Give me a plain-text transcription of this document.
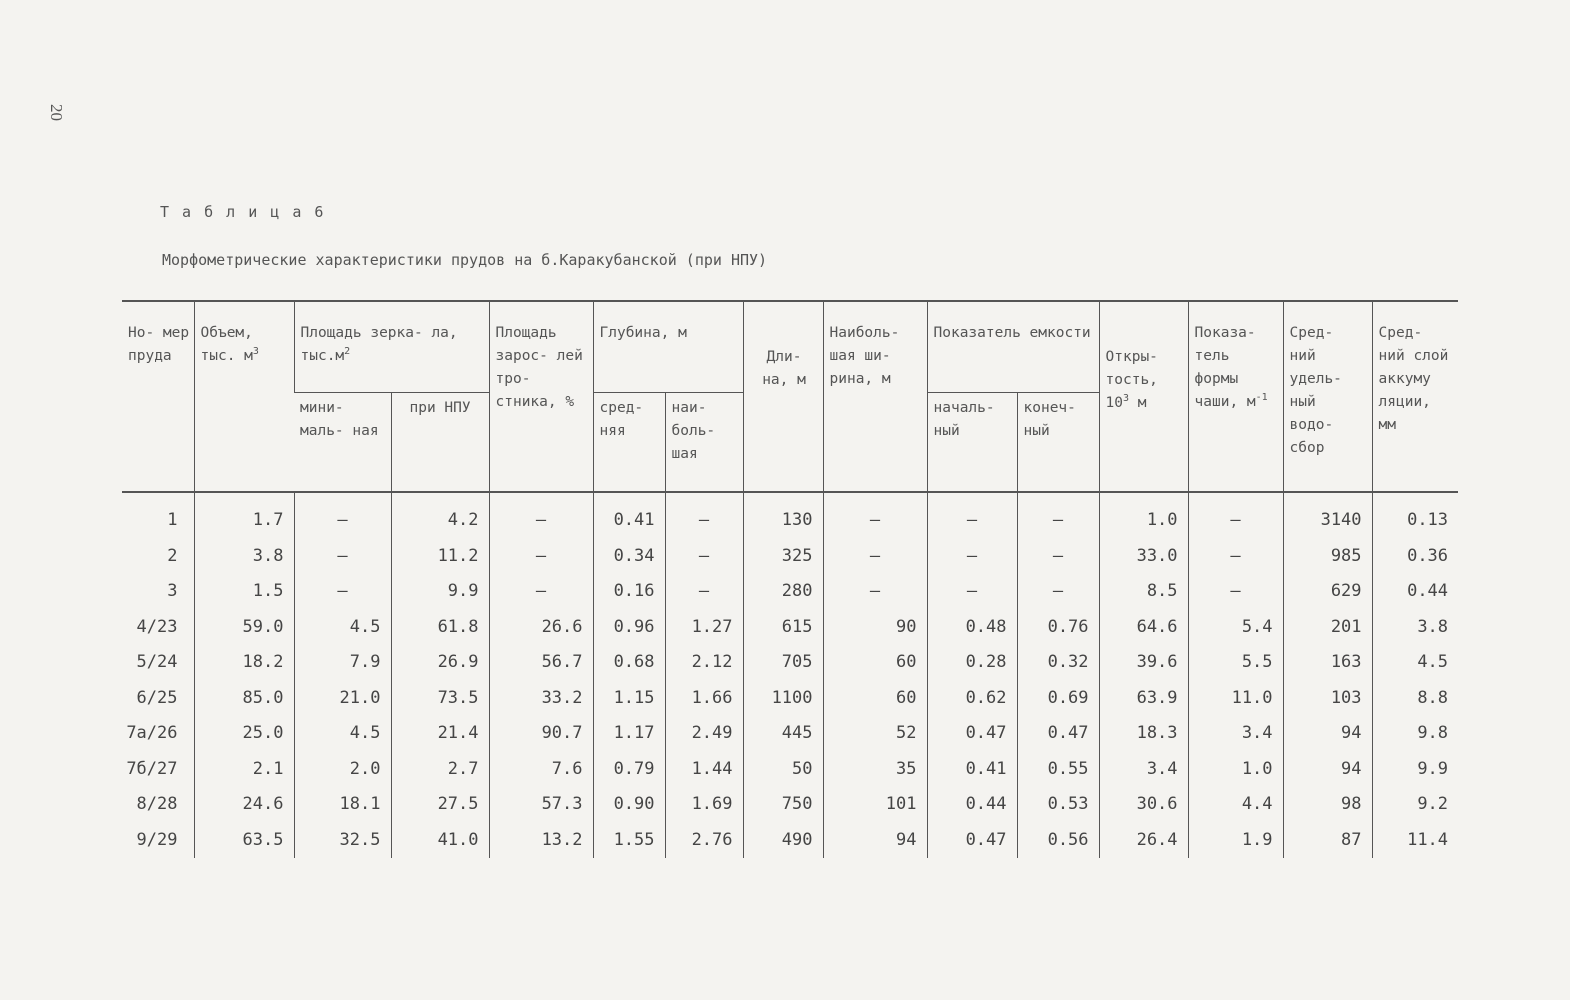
20
Т а б л и ц а 6
Морфометрические характеристики прудов на б.Каракубанской (при НПУ)
Но- мер пруда	Объем, тыс. $м^3$	Площадь зерка- ла, $тыс.м^2$		Площадь зарос- лей тро- стника, %	Глубина, м		Дли- на, м	Наиболь- шая ши- рина, м	Показатель емкости		Откры- тость, $10^3$ м	Показа- тель формы чаши, $м^{-1}$	Сред- ний удель- ный водо- сбор	Сред- ний слой аккуму ляции, мм
		мини- маль- ная	при НПУ		сред- няя	наи- боль- шая			началь- ный	конеч- ный				
1	1.7	–	4.2	–	0.41	–	130	–	–	–	1.0	–	3140	0.13
2	3.8	–	11.2	–	0.34	–	325	–	–	–	33.0	–	985	0.36
3	1.5	–	9.9	–	0.16	–	280	–	–	–	8.5	–	629	0.44
4/23	59.0	4.5	61.8	26.6	0.96	1.27	615	90	0.48	0.76	64.6	5.4	201	3.8
5/24	18.2	7.9	26.9	56.7	0.68	2.12	705	60	0.28	0.32	39.6	5.5	163	4.5
6/25	85.0	21.0	73.5	33.2	1.15	1.66	1100	60	0.62	0.69	63.9	11.0	103	8.8
7а/26	25.0	4.5	21.4	90.7	1.17	2.49	445	52	0.47	0.47	18.3	3.4	94	9.8
7б/27	2.1	2.0	2.7	7.6	0.79	1.44	50	35	0.41	0.55	3.4	1.0	94	9.9
8/28	24.6	18.1	27.5	57.3	0.90	1.69	750	101	0.44	0.53	30.6	4.4	98	9.2
9/29	63.5	32.5	41.0	13.2	1.55	2.76	490	94	0.47	0.56	26.4	1.9	87	11.4
